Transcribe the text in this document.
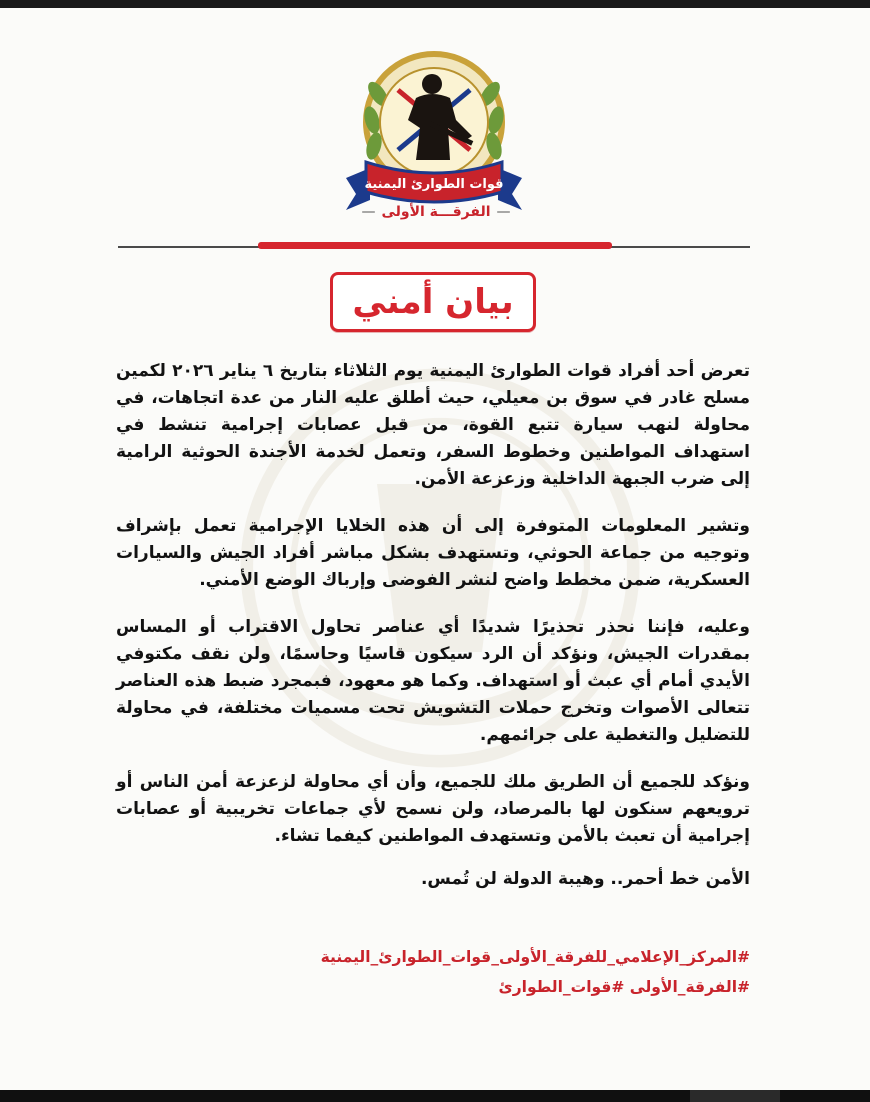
قوات الطوارئ اليمنية
—الفرقـــة الأولى—
بيان أمني

تعرض أحد أفراد قوات الطوارئ اليمنية يوم الثلاثاء بتاريخ ٦ يناير ٢٠٢٦ لكمين مسلح غادر في سوق بن معيلي، حيث أطلق عليه النار من عدة اتجاهات، في محاولة لنهب سيارة تتبع القوة، من قبل عصابات إجرامية تنشط في استهداف المواطنين وخطوط السفر، وتعمل لخدمة الأجندة الحوثية الرامية إلى ضرب الجبهة الداخلية وزعزعة الأمن.

وتشير المعلومات المتوفرة إلى أن هذه الخلايا الإجرامية تعمل بإشراف وتوجيه من جماعة الحوثي، وتستهدف بشكل مباشر أفراد الجيش والسيارات العسكرية، ضمن مخطط واضح لنشر الفوضى وإرباك الوضع الأمني.

وعليه، فإننا نحذر تحذيرًا شديدًا أي عناصر تحاول الاقتراب أو المساس بمقدرات الجيش، ونؤكد أن الرد سيكون قاسيًا وحاسمًا، ولن نقف مكتوفي الأيدي أمام أي عبث أو استهداف. وكما هو معهود، فبمجرد ضبط هذه العناصر تتعالى الأصوات وتخرج حملات التشويش تحت مسميات مختلفة، في محاولة للتضليل والتغطية على جرائمهم.

ونؤكد للجميع أن الطريق ملك للجميع، وأن أي محاولة لزعزعة أمن الناس أو ترويعهم سنكون لها بالمرصاد، ولن نسمح لأي جماعات تخريبية أو عصابات إجرامية أن تعبث بالأمن وتستهدف المواطنين كيفما تشاء.

الأمن خط أحمر.. وهيبة الدولة لن تُمس.

#المركز_الإعلامي_للفرقة_الأولى_قوات_الطوارئ_اليمنية
#الفرقة_الأولى #قوات_الطوارئ
